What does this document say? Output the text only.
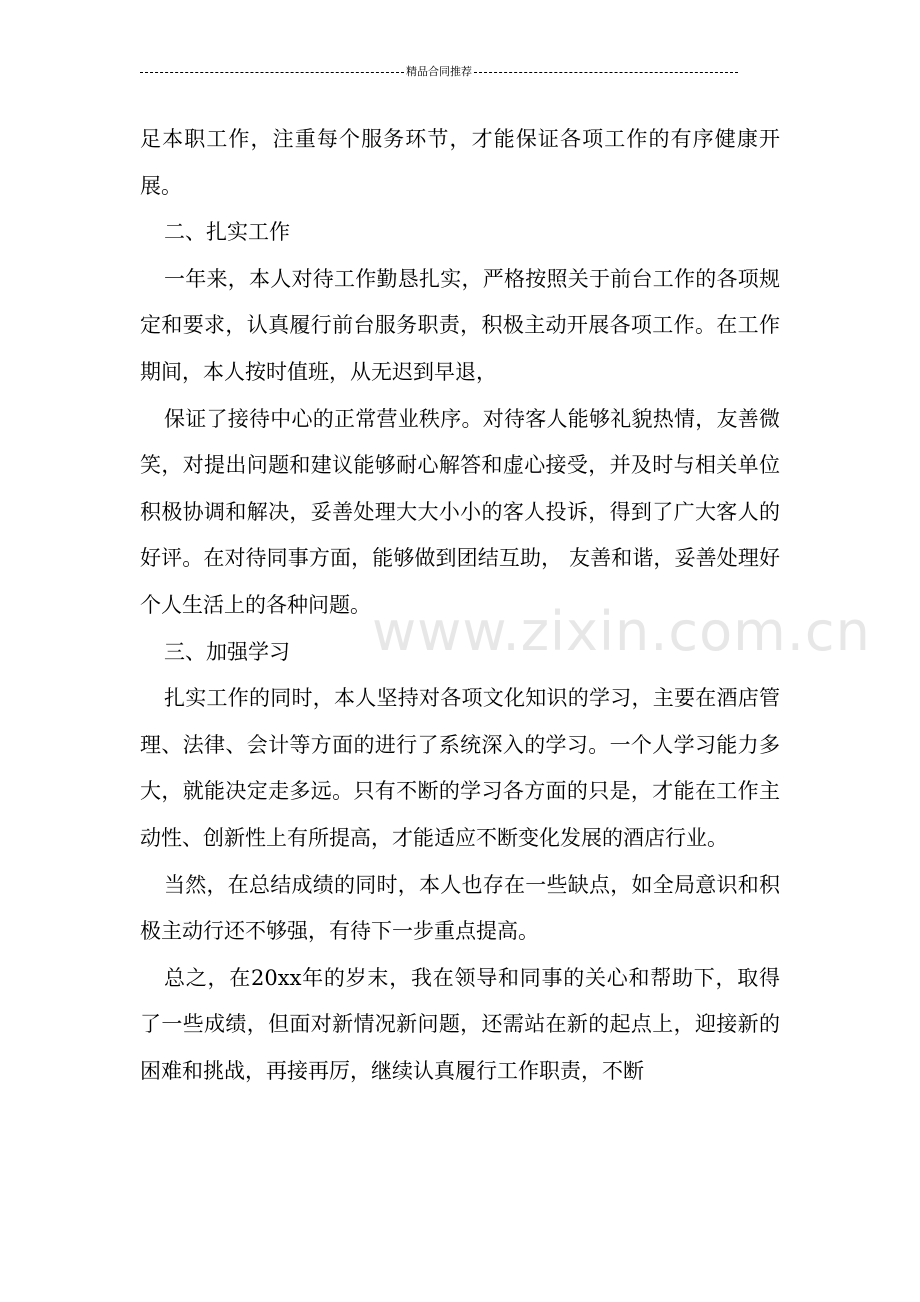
精品合同推荐

足本职工作，注重每个服务环节，才能保证各项工作的有序健康开展。

二、扎实工作

一年来，本人对待工作勤恳扎实，严格按照关于前台工作的各项规定和要求，认真履行前台服务职责，积极主动开展各项工作。在工作期间，本人按时值班，从无迟到早退，

保证了接待中心的正常营业秩序。对待客人能够礼貌热情，友善微笑，对提出问题和建议能够耐心解答和虚心接受，并及时与相关单位积极协调和解决，妥善处理大大小小的客人投诉，得到了广大客人的好评。在对待同事方面，能够做到团结互助， 友善和谐，妥善处理好个人生活上的各种问题。

三、加强学习

扎实工作的同时，本人坚持对各项文化知识的学习，主要在酒店管理、法律、会计等方面的进行了系统深入的学习。一个人学习能力多大，就能决定走多远。只有不断的学习各方面的只是，才能在工作主动性、创新性上有所提高，才能适应不断变化发展的酒店行业。

当然，在总结成绩的同时，本人也存在一些缺点，如全局意识和积极主动行还不够强，有待下一步重点提高。

总之，在20xx年的岁末，我在领导和同事的关心和帮助下，取得了一些成绩，但面对新情况新问题，还需站在新的起点上，迎接新的困难和挑战，再接再厉，继续认真履行工作职责，不断

www.zixin.com.cn
